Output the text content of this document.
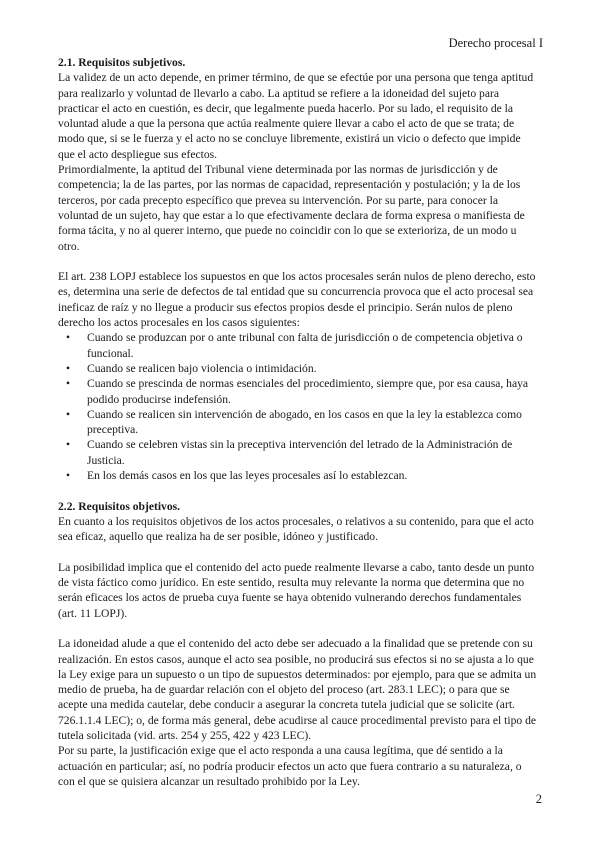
Derecho procesal I

2.1. Requisitos subjetivos.

La validez de un acto depende, en primer término, de que se efectúe por una persona que tenga aptitud para realizarlo y voluntad de llevarlo a cabo. La aptitud se refiere a la idoneidad del sujeto para practicar el acto en cuestión, es decir, que legalmente pueda hacerlo. Por su lado, el requisito de la voluntad alude a que la persona que actúa realmente quiere llevar a cabo el acto de que se trata; de modo que, si se le fuerza y el acto no se concluye libremente, existirá un vicio o defecto que impide que el acto despliegue sus efectos.

Primordialmente, la aptitud del Tribunal viene determinada por las normas de jurisdicción y de competencia; la de las partes, por las normas de capacidad, representación y postulación; y la de los terceros, por cada precepto específico que prevea su intervención. Por su parte, para conocer la voluntad de un sujeto, hay que estar a lo que efectivamente declara de forma expresa o manifiesta de forma tácita, y no al querer interno, que puede no coincidir con lo que se exterioriza, de un modo u otro.

El art. 238 LOPJ establece los supuestos en que los actos procesales serán nulos de pleno derecho, esto es, determina una serie de defectos de tal entidad que su concurrencia provoca que el acto procesal sea ineficaz de raíz y no llegue a producir sus efectos propios desde el principio. Serán nulos de pleno derecho los actos procesales en los casos siguientes:

• Cuando se produzcan por o ante tribunal con falta de jurisdicción o de competencia objetiva o funcional.
• Cuando se realicen bajo violencia o intimidación.
• Cuando se prescinda de normas esenciales del procedimiento, siempre que, por esa causa, haya podido producirse indefensión.
• Cuando se realicen sin intervención de abogado, en los casos en que la ley la establezca como preceptiva.
• Cuando se celebren vistas sin la preceptiva intervención del letrado de la Administración de Justicia.
• En los demás casos en los que las leyes procesales así lo establezcan.

2.2. Requisitos objetivos.

En cuanto a los requisitos objetivos de los actos procesales, o relativos a su contenido, para que el acto sea eficaz, aquello que realiza ha de ser posible, idóneo y justificado.

La posibilidad implica que el contenido del acto puede realmente llevarse a cabo, tanto desde un punto de vista fáctico como jurídico. En este sentido, resulta muy relevante la norma que determina que no serán eficaces los actos de prueba cuya fuente se haya obtenido vulnerando derechos fundamentales (art. 11 LOPJ).

La idoneidad alude a que el contenido del acto debe ser adecuado a la finalidad que se pretende con su realización. En estos casos, aunque el acto sea posible, no producirá sus efectos si no se ajusta a lo que la Ley exige para un supuesto o un tipo de supuestos determinados: por ejemplo, para que se admita un medio de prueba, ha de guardar relación con el objeto del proceso (art. 283.1 LEC); o para que se acepte una medida cautelar, debe conducir a asegurar la concreta tutela judicial que se solicite (art. 726.1.1.4 LEC); o, de forma más general, debe acudirse al cauce procedimental previsto para el tipo de tutela solicitada (vid. arts. 254 y 255, 422 y 423 LEC).

Por su parte, la justificación exige que el acto responda a una causa legítima, que dé sentido a la actuación en particular; así, no podría producir efectos un acto que fuera contrario a su naturaleza, o con el que se quisiera alcanzar un resultado prohibido por la Ley.

2
